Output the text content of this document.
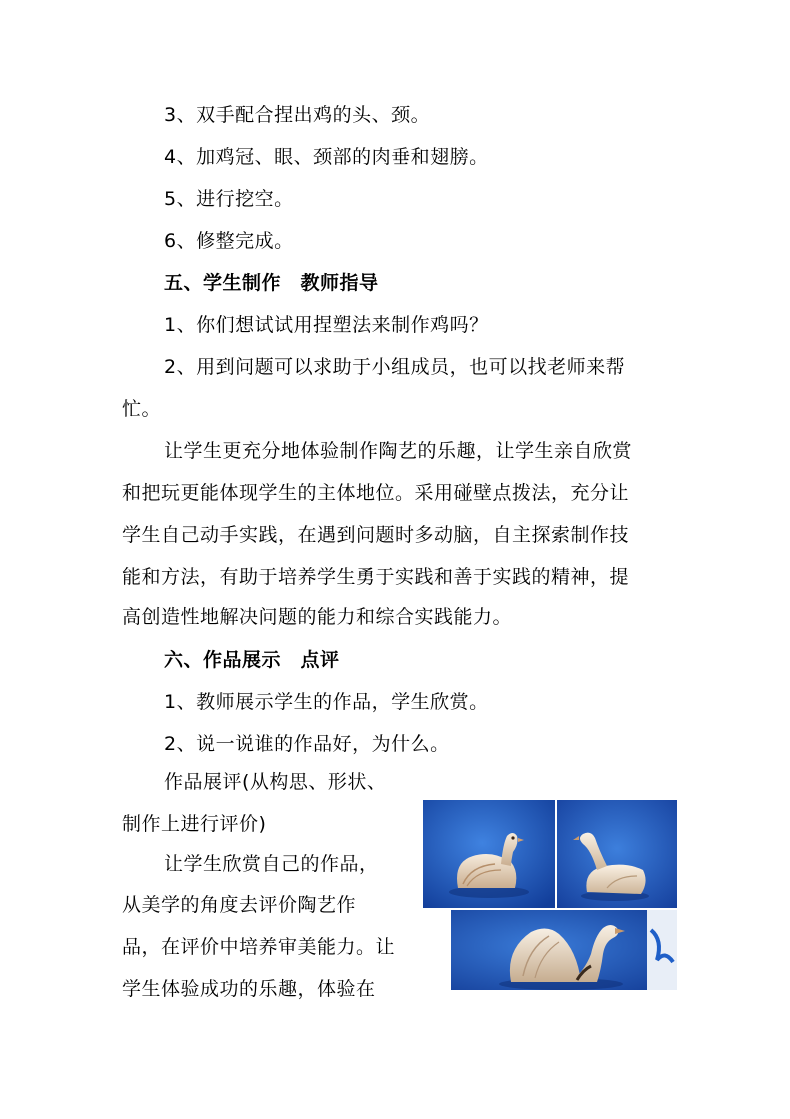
3、双手配合捏出鸡的头、颈。
4、加鸡冠、眼、颈部的肉垂和翅膀。
5、进行挖空。
6、修整完成。
五、学生制作　教师指导
1、你们想试试用捏塑法来制作鸡吗？
2、用到问题可以求助于小组成员，也可以找老师来帮
忙。
让学生更充分地体验制作陶艺的乐趣，让学生亲自欣赏
和把玩更能体现学生的主体地位。采用碰壁点拨法，充分让
学生自己动手实践，在遇到问题时多动脑，自主探索制作技
能和方法，有助于培养学生勇于实践和善于实践的精神，提
高创造性地解决问题的能力和综合实践能力。
六、作品展示　点评
1、教师展示学生的作品，学生欣赏。
2、说一说谁的作品好，为什么。
作品展评(从构思、形状、
制作上进行评价)
让学生欣赏自己的作品，
从美学的角度去评价陶艺作
品，在评价中培养审美能力。让
学生体验成功的乐趣，体验在
